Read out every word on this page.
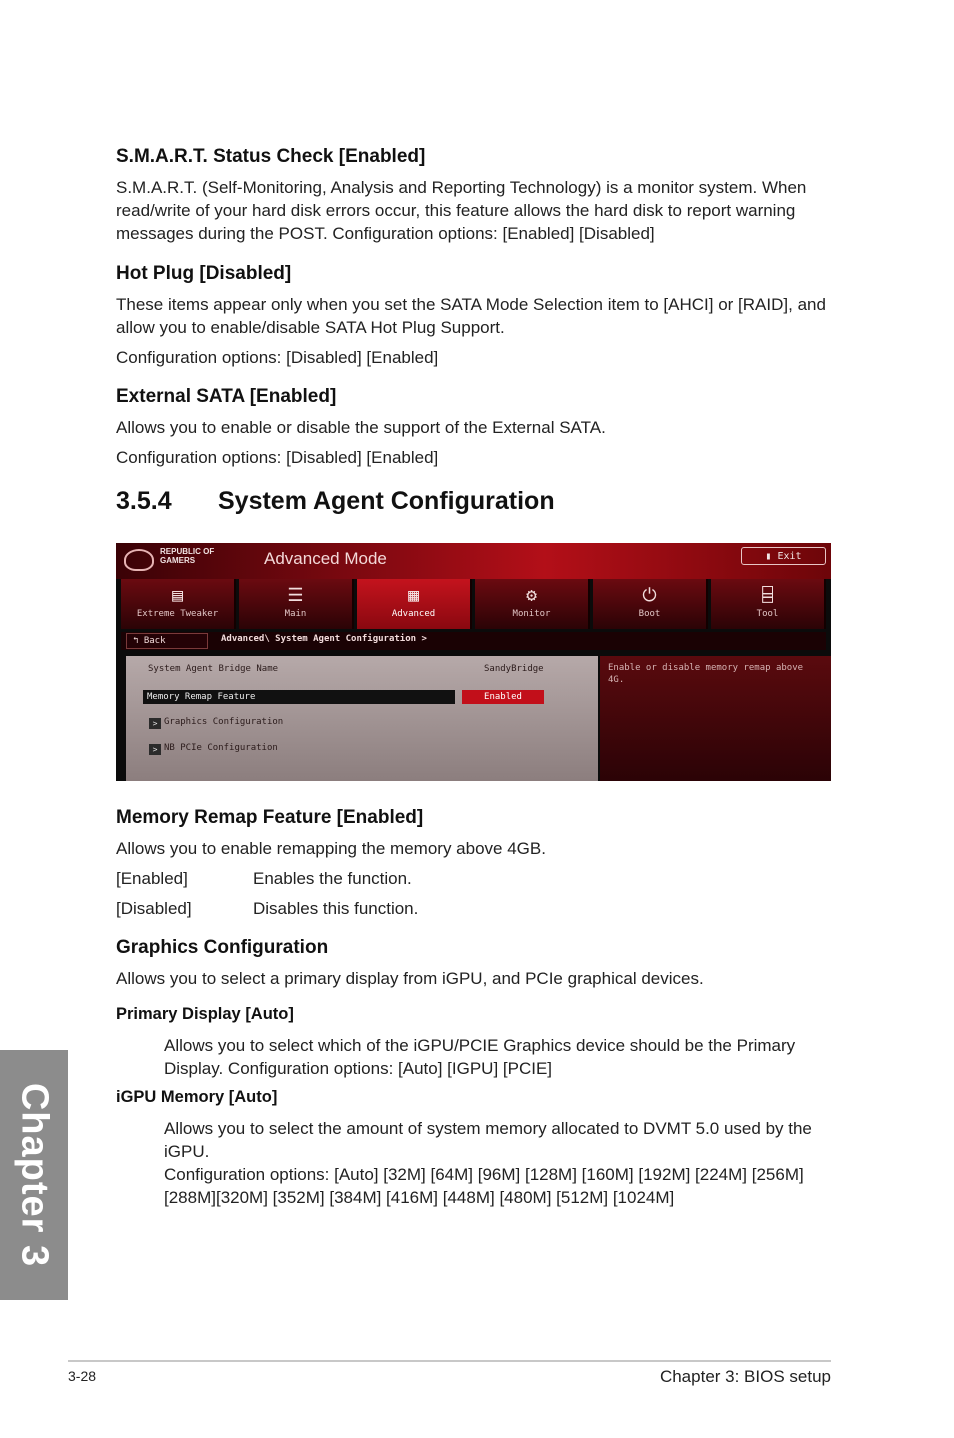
S.M.A.R.T. Status Check [Enabled]
S.M.A.R.T. (Self-Monitoring, Analysis and Reporting Technology) is a monitor system. When read/write of your hard disk errors occur, this feature allows the hard disk to report warning messages during the POST. Configuration options: [Enabled] [Disabled]
Hot Plug [Disabled]
These items appear only when you set the SATA Mode Selection item to [AHCI] or [RAID], and allow you to enable/disable SATA Hot Plug Support.
Configuration options: [Disabled] [Enabled]
External SATA [Enabled]
Allows you to enable or disable the support of the External SATA.
Configuration options: [Disabled] [Enabled]
3.5.4 System Agent Configuration
REPUBLIC OF GAMERS	Advanced Mode	▮ Exit
▤
Extreme Tweaker
☰
Main
▦
Advanced
⚙
Monitor
⏻
Boot
⌸
Tool
↰ Back	Advanced\ System Agent Configuration >
System Agent Bridge Name	SandyBridge
Memory Remap Feature	Enabled
> Graphics Configuration
> NB PCIe Configuration
Enable or disable memory remap above 4G.
Memory Remap Feature [Enabled]
Allows you to enable remapping the memory above 4GB.
[Enabled]	Enables the function.
[Disabled]	Disables this function.
Graphics Configuration
Allows you to select a primary display from iGPU, and PCIe graphical devices.
Primary Display [Auto]
Allows you to select which of the iGPU/PCIE Graphics device should be the Primary Display. Configuration options: [Auto] [IGPU] [PCIE]
iGPU Memory [Auto]
Allows you to select the amount of system memory allocated to DVMT 5.0 used by the iGPU.
Configuration options: [Auto] [32M] [64M] [96M] [128M] [160M] [192M] [224M] [256M] [288M][320M] [352M] [384M] [416M] [448M] [480M] [512M] [1024M]
Chapter 3
3-28	Chapter 3: BIOS setup
